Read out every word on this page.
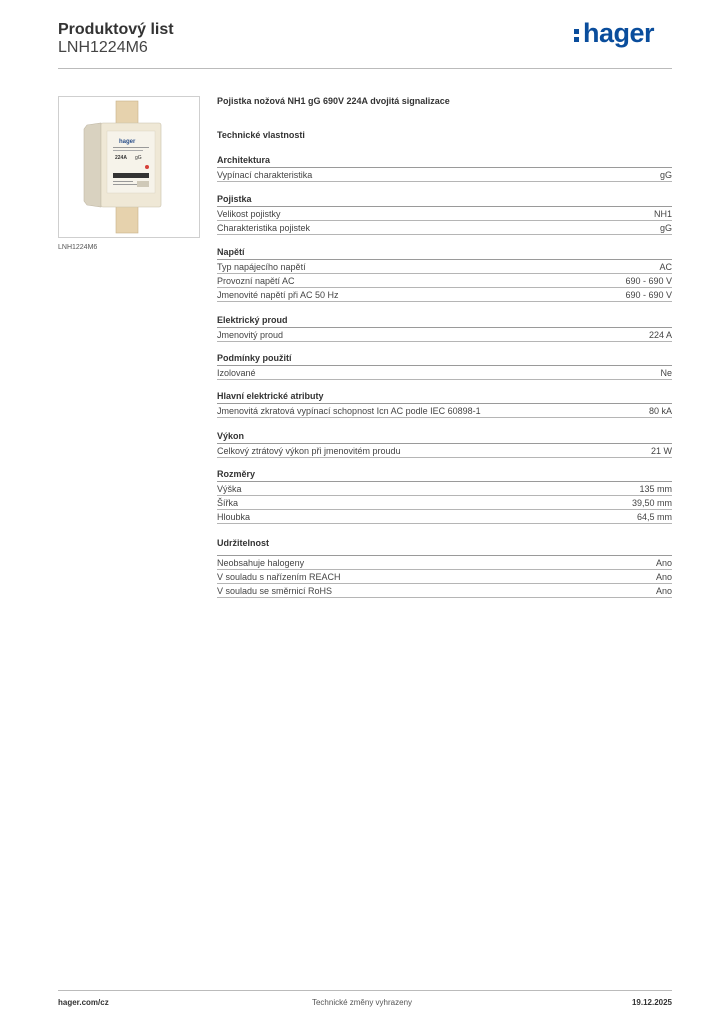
Produktový list
LNH1224M6	hager
hager
224A gG
LNH1224M6
Pojistka nožová NH1 gG 690V 224A dvojitá signalizace
Technické vlastnosti
Architektura
Vypínací charakteristika	gG
Pojistka
Velikost pojistky	NH1
Charakteristika pojistek	gG
Napětí
Typ napájecího napětí	AC
Provozní napětí AC	690 - 690 V
Jmenovité napětí při AC 50 Hz	690 - 690 V
Elektrický proud
Jmenovitý proud	224 A
Podmínky použití
Izolované	Ne
Hlavní elektrické atributy
Jmenovitá zkratová vypínací schopnost Icn AC podle IEC 60898-1	80 kA
Výkon
Celkový ztrátový výkon při jmenovitém proudu	21 W
Rozměry
Výška	135 mm
Šířka	39,50 mm
Hloubka	64,5 mm
Udržitelnost
Neobsahuje halogeny	Ano
V souladu s nařízením REACH	Ano
V souladu se směrnicí RoHS	Ano
hager.com/cz	Technické změny vyhrazeny	19.12.2025
